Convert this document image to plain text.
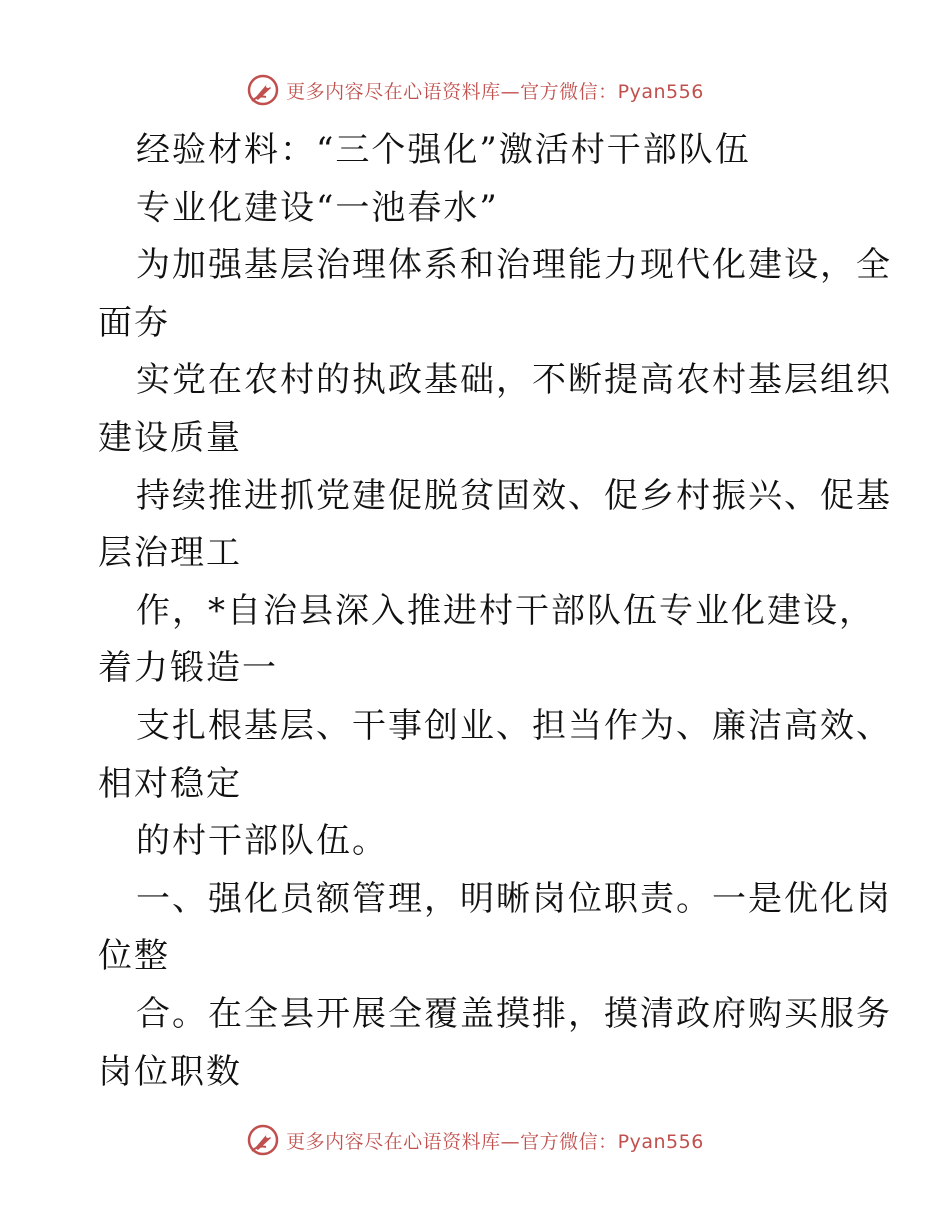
更多内容尽在心语资料库—官方微信：Pyan556
经验材料：“三个强化”激活村干部队伍
专业化建设“一池春水”
为加强基层治理体系和治理能力现代化建设，全
面夯
实党在农村的执政基础，不断提高农村基层组织
建设质量
持续推进抓党建促脱贫固效、促乡村振兴、促基
层治理工
作，*自治县深入推进村干部队伍专业化建设，
着力锻造一
支扎根基层、干事创业、担当作为、廉洁高效、
相对稳定
的村干部队伍。
一、强化员额管理，明晰岗位职责。一是优化岗
位整
合。在全县开展全覆盖摸排，摸清政府购买服务
岗位职数
更多内容尽在心语资料库—官方微信：Pyan556
